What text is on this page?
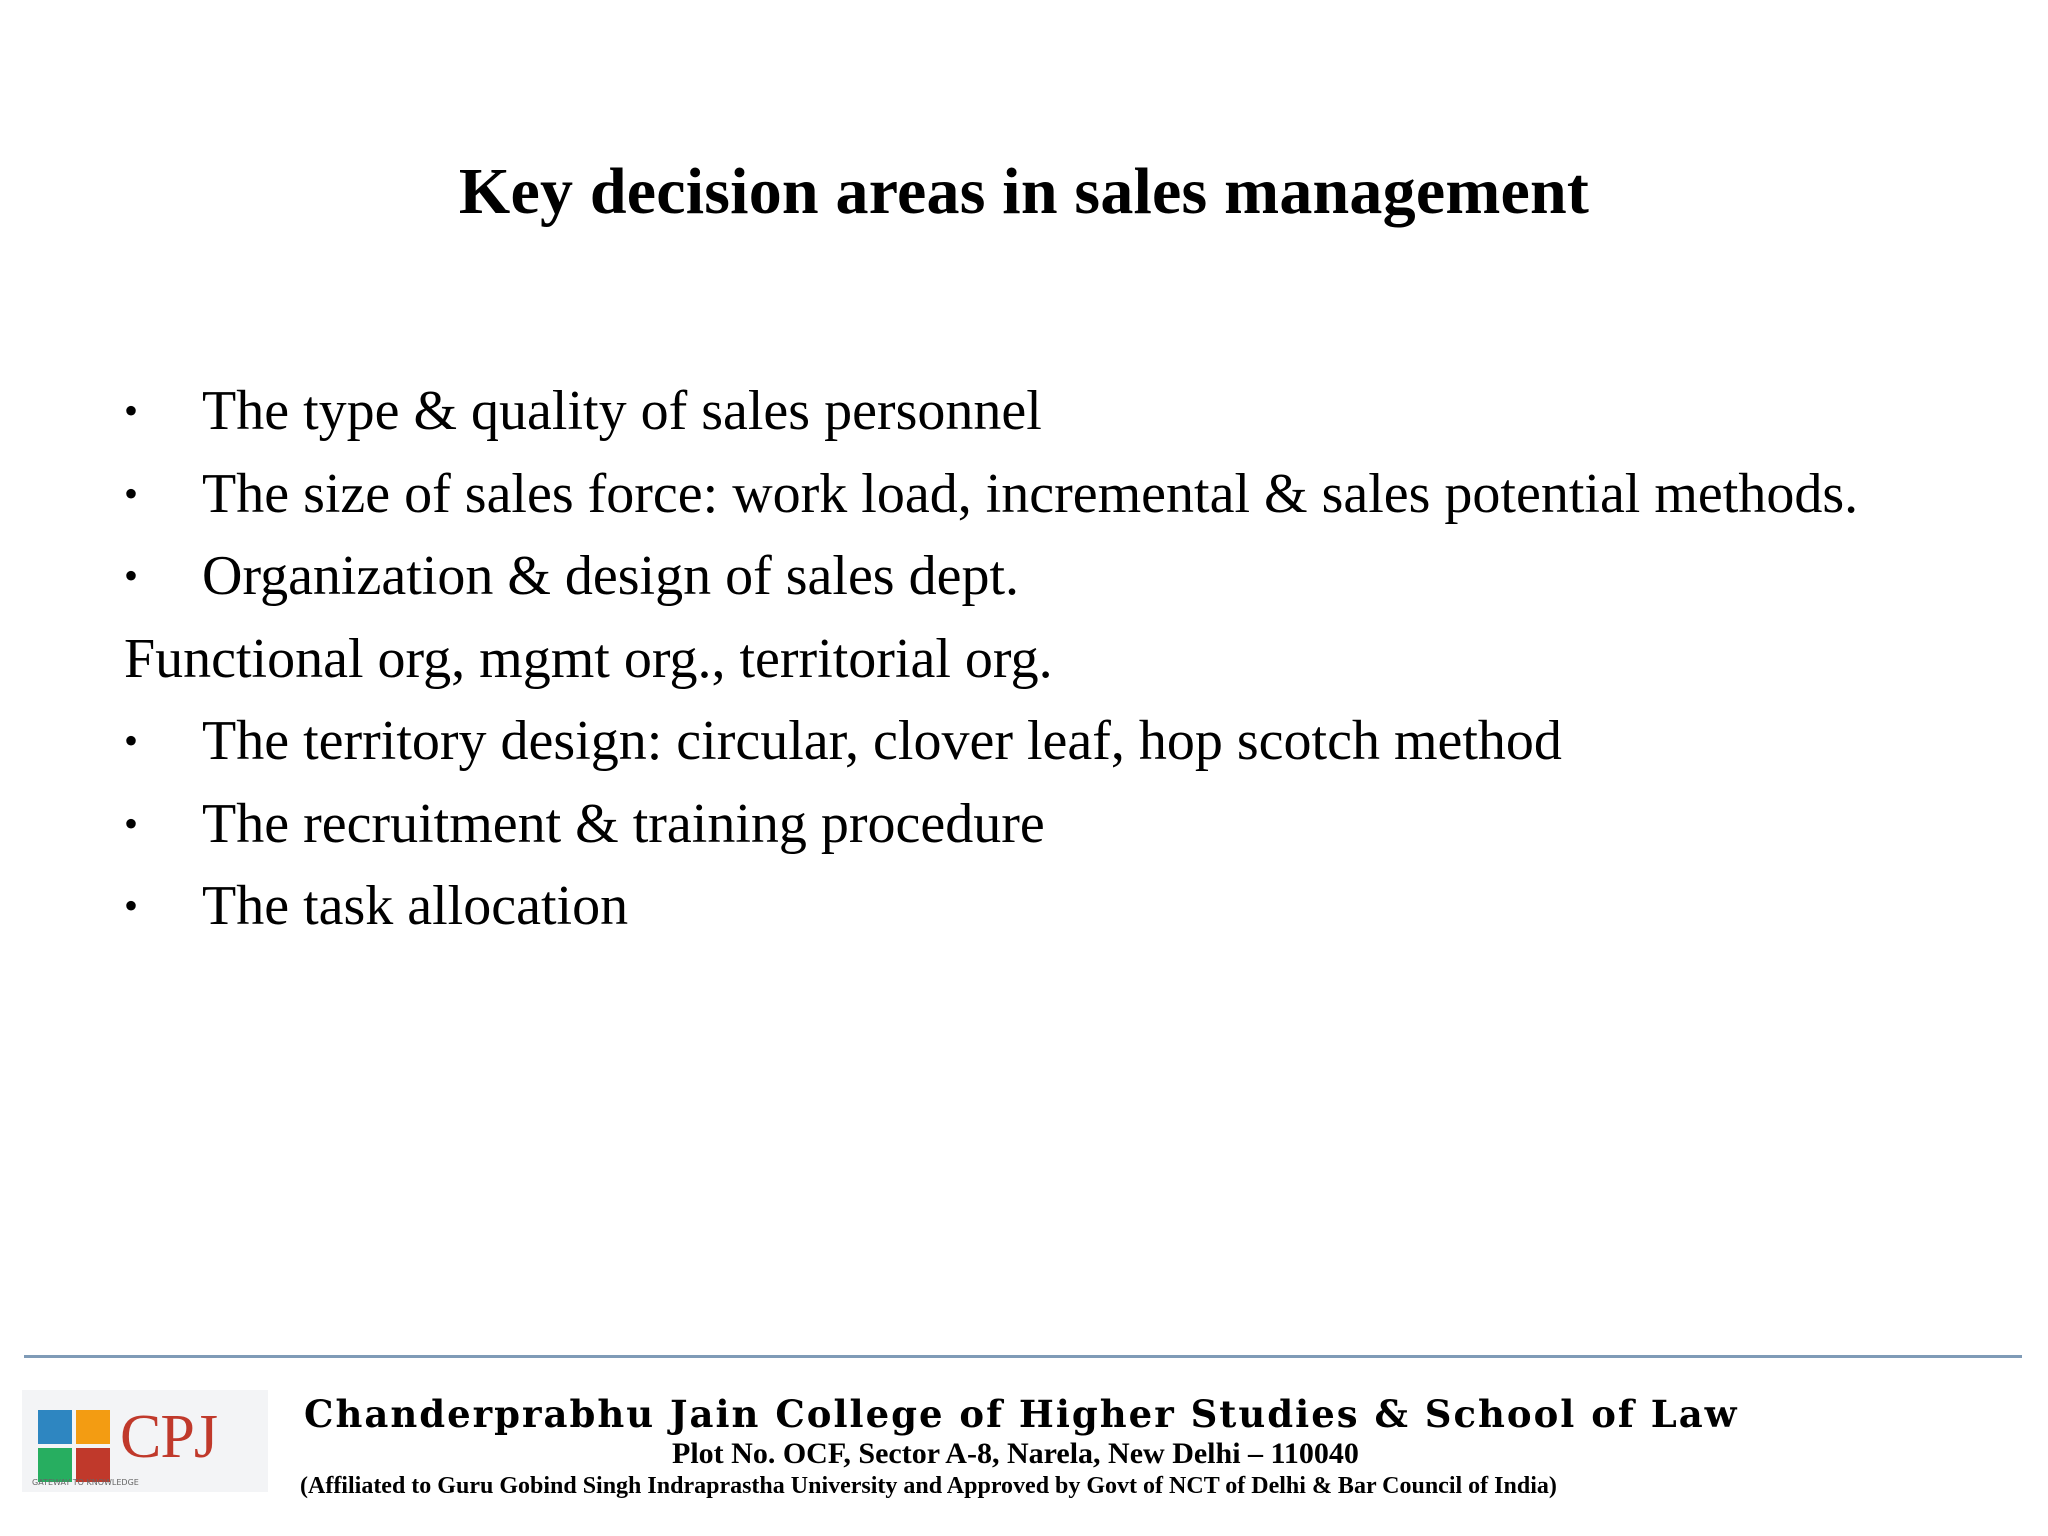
Key decision areas in sales management
• The type & quality of sales personnel
• The size of sales force: work load, incremental & sales potential methods.
• Organization & design of sales dept.
Functional org, mgmt org., territorial org.
• The territory design: circular, clover leaf, hop scotch method
• The recruitment & training procedure
• The task allocation
CPJ
GATEWAY TO KNOWLEDGE
Chanderprabhu Jain College of Higher Studies & School of Law
Plot No. OCF, Sector A-8, Narela, New Delhi – 110040
(Affiliated to Guru Gobind Singh Indraprastha University and Approved by Govt of NCT of Delhi & Bar Council of India)
